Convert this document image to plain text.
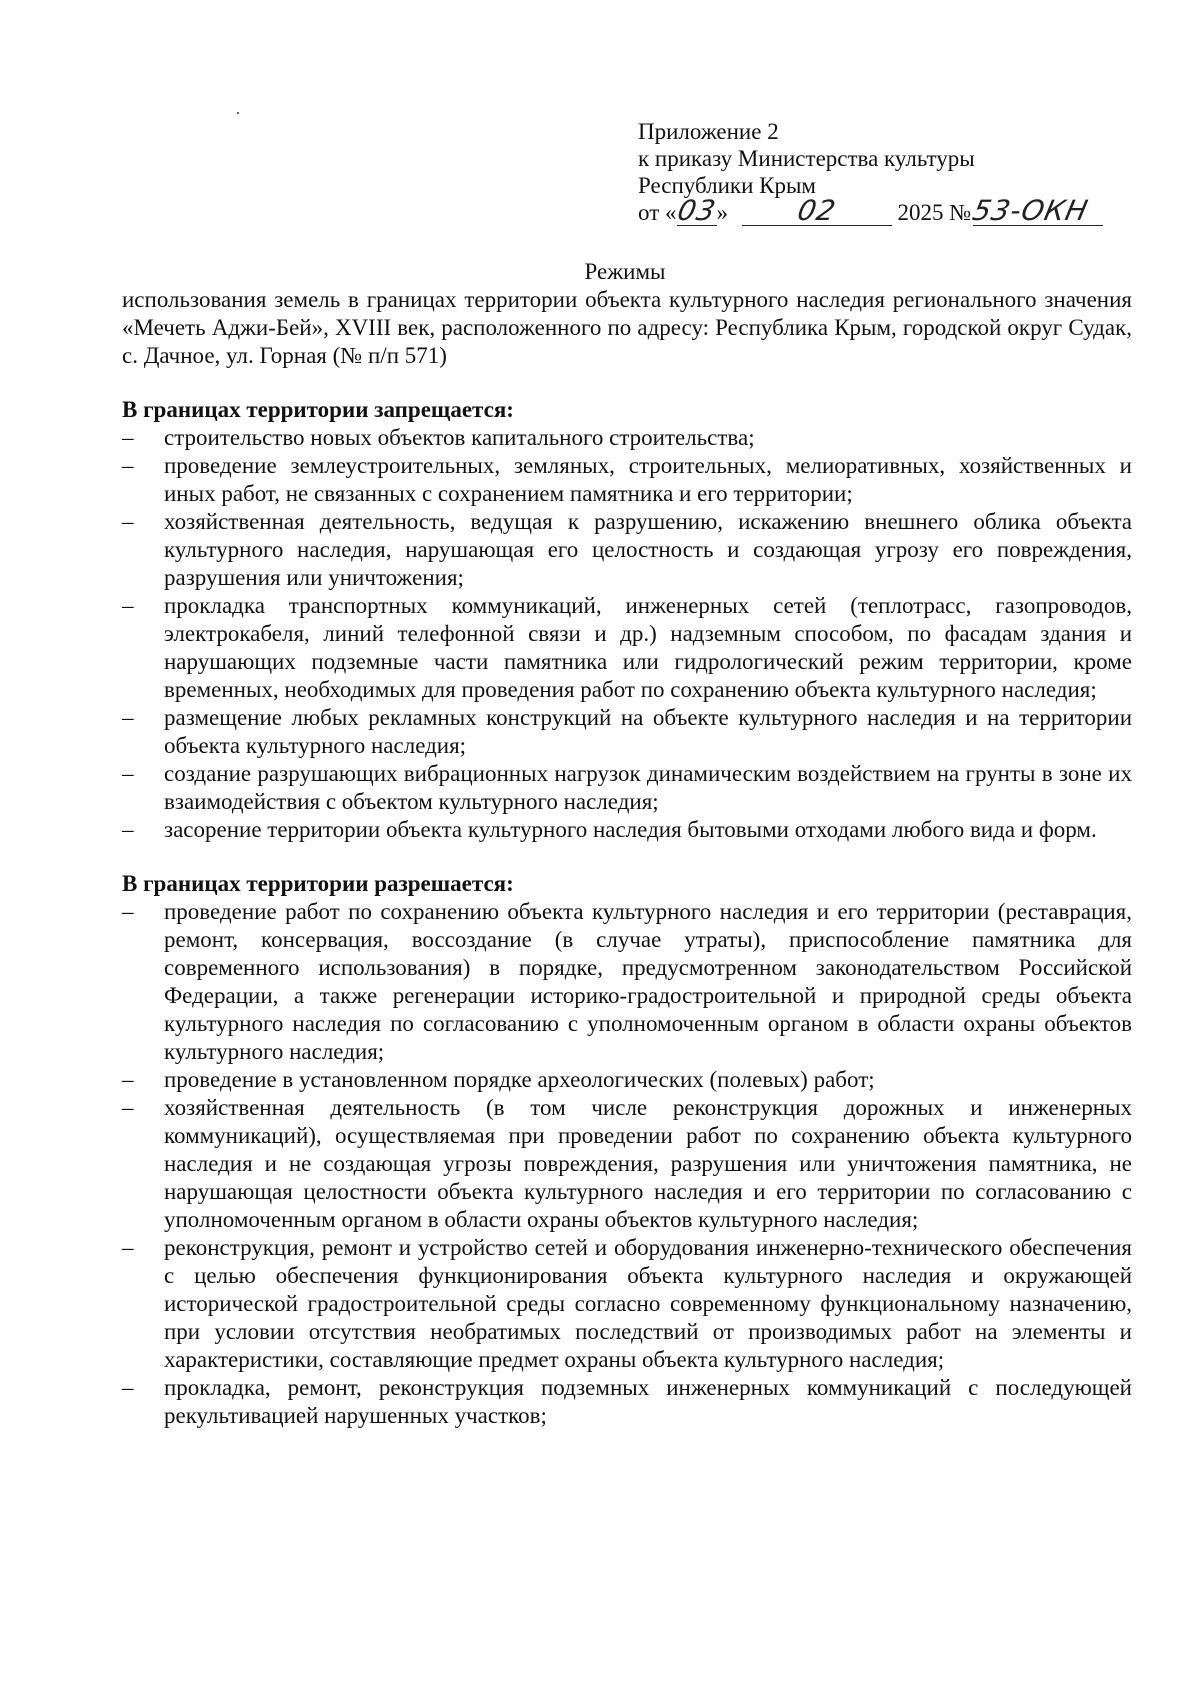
Приложение 2
к приказу Министерства культуры
Республики Крым
от «03» 02	2025 №53-ОКН
Режимы

использования земель в границах территории объекта культурного наследия регионального значения «Мечеть Аджи-Бей», XVIII век, расположенного по адресу: Республика Крым, городской округ Судак, с. Дачное, ул. Горная (№ п/п 571)

В границах территории запрещается:

– строительство новых объектов капитального строительства;
– проведение землеустроительных, земляных, строительных, мелиоративных, хозяйственных и иных работ, не связанных с сохранением памятника и его территории;
– хозяйственная деятельность, ведущая к разрушению, искажению внешнего облика объекта культурного наследия, нарушающая его целостность и создающая угрозу его повреждения, разрушения или уничтожения;
– прокладка транспортных коммуникаций, инженерных сетей (теплотрасс, газопроводов, электрокабеля, линий телефонной связи и др.) надземным способом, по фасадам здания и нарушающих подземные части памятника или гидрологический режим территории, кроме временных, необходимых для проведения работ по сохранению объекта культурного наследия;
– размещение любых рекламных конструкций на объекте культурного наследия и на территории объекта культурного наследия;
– создание разрушающих вибрационных нагрузок динамическим воздействием на грунты в зоне их взаимодействия с объектом культурного наследия;
– засорение территории объекта культурного наследия бытовыми отходами любого вида и форм.

В границах территории разрешается:

– проведение работ по сохранению объекта культурного наследия и его территории (реставрация, ремонт, консервация, воссоздание (в случае утраты), приспособление памятника для современного использования) в порядке, предусмотренном законодательством Российской Федерации, а также регенерации историко-градостроительной и природной среды объекта культурного наследия по согласованию с уполномоченным органом в области охраны объектов культурного наследия;
– проведение в установленном порядке археологических (полевых) работ;
– хозяйственная деятельность (в том числе реконструкция дорожных и инженерных коммуникаций), осуществляемая при проведении работ по сохранению объекта культурного наследия и не создающая угрозы повреждения, разрушения или уничтожения памятника, не нарушающая целостности объекта культурного наследия и его территории по согласованию с уполномоченным органом в области охраны объектов культурного наследия;
– реконструкция, ремонт и устройство сетей и оборудования инженерно-технического обеспечения с целью обеспечения функционирования объекта культурного наследия и окружающей исторической градостроительной среды согласно современному функциональному назначению, при условии отсутствия необратимых последствий от производимых работ на элементы и характеристики, составляющие предмет охраны объекта культурного наследия;
– прокладка, ремонт, реконструкция подземных инженерных коммуникаций с последующей рекультивацией нарушенных участков;
